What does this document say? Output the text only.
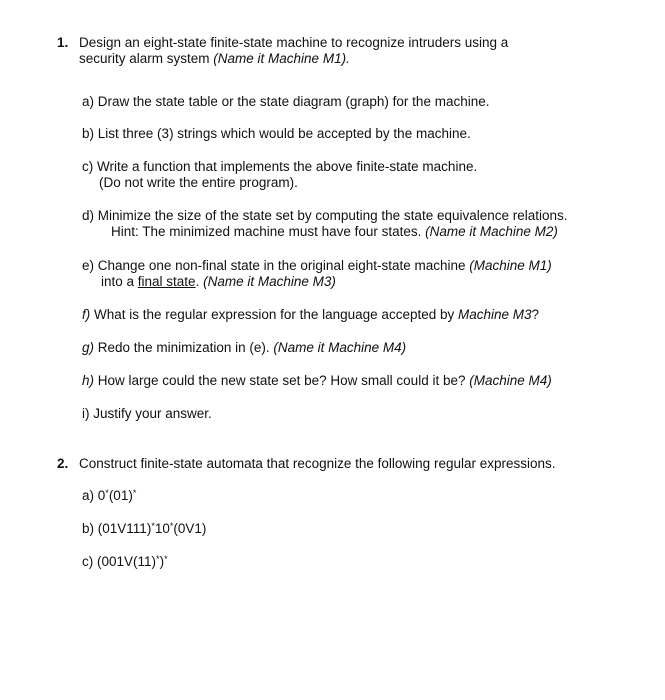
1. Design an eight-state finite-state machine to recognize intruders using a
security alarm system (Name it Machine M1).
a) Draw the state table or the state diagram (graph) for the machine.
b) List three (3) strings which would be accepted by the machine.
c) Write a function that implements the above finite-state machine.
(Do not write the entire program).
d) Minimize the size of the state set by computing the state equivalence relations.
Hint: The minimized machine must have four states. (Name it Machine M2)
e) Change one non-final state in the original eight-state machine (Machine M1)
into a final state. (Name it Machine M3)
f) What is the regular expression for the language accepted by Machine M3?
g) Redo the minimization in (e). (Name it Machine M4)
h) How large could the new state set be? How small could it be? (Machine M4)
i) Justify your answer.
2. Construct finite-state automata that recognize the following regular expressions.
a) 0*(01)*
b) (01V111)*10*(0V1)
c) (001V(11)*)*
